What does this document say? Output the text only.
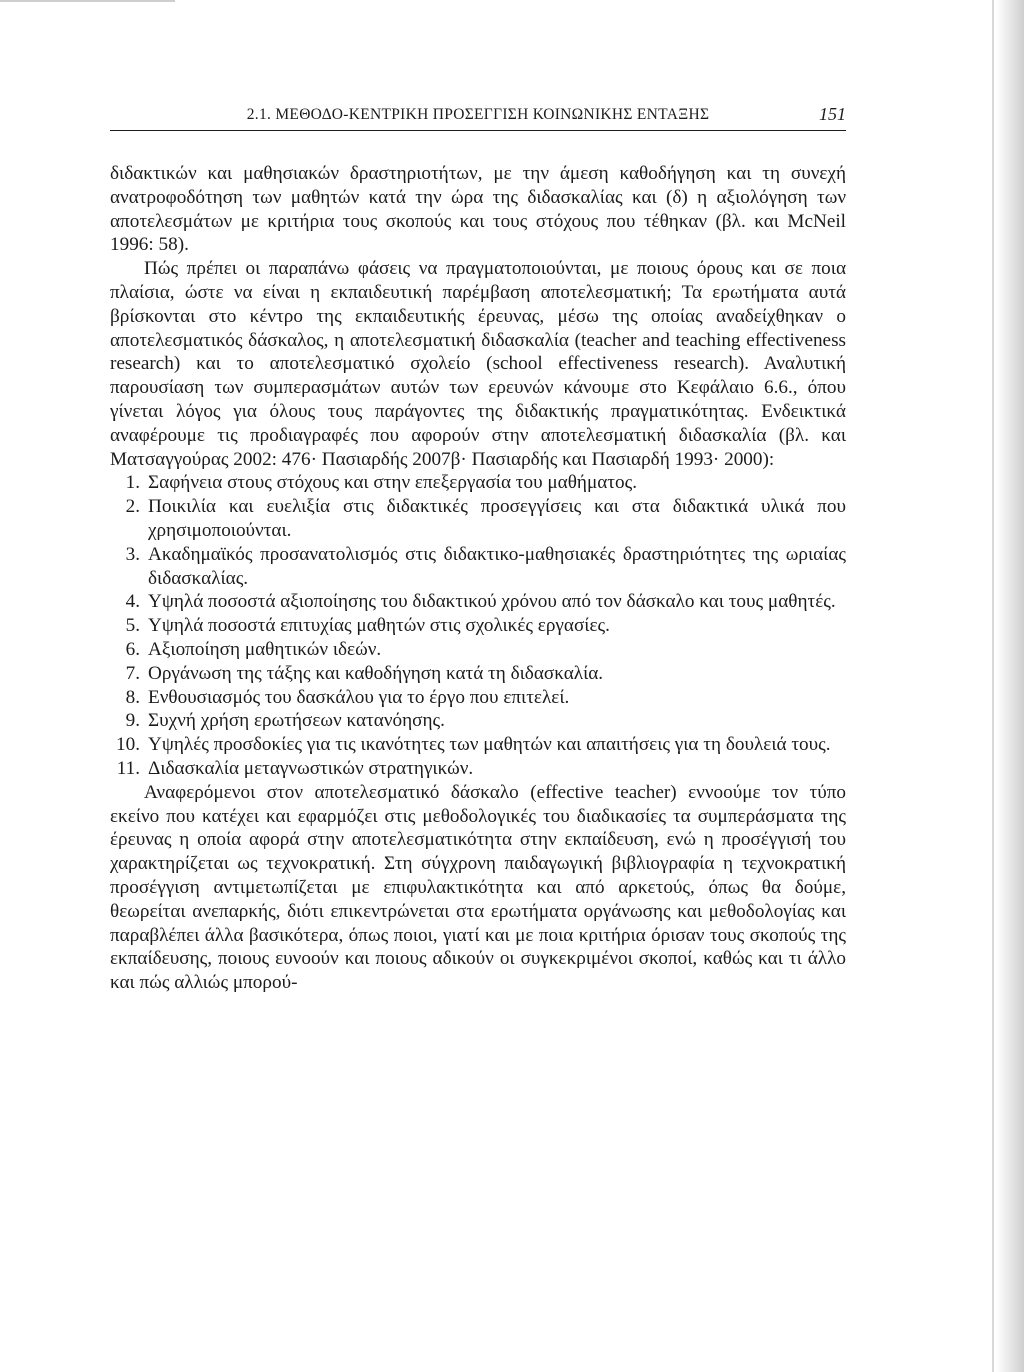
2.1. ΜΕΘΟΔΟ-ΚΕΝΤΡΙΚΗ ΠΡΟΣΕΓΓΙΣΗ ΚΟΙΝΩΝΙΚΗΣ ΕΝΤΑΞΗΣ	151

διδακτικών και μαθησιακών δραστηριοτήτων, με την άμεση καθοδήγηση και τη συνεχή ανατροφοδότηση των μαθητών κατά την ώρα της διδασκαλίας και (δ) η αξιολόγηση των αποτελεσμάτων με κριτήρια τους σκοπούς και τους στόχους που τέθηκαν (βλ. και McNeil 1996: 58).

Πώς πρέπει οι παραπάνω φάσεις να πραγματοποιούνται, με ποιους όρους και σε ποια πλαίσια, ώστε να είναι η εκπαιδευτική παρέμβαση αποτελεσματική; Τα ερωτήματα αυτά βρίσκονται στο κέντρο της εκπαιδευτικής έρευνας, μέσω της οποίας αναδείχθηκαν ο αποτελεσματικός δάσκαλος, η αποτελεσματική διδασκαλία (teacher and teaching effectiveness research) και το αποτελεσματικό σχολείο (school effectiveness research). Αναλυτική παρουσίαση των συμπερασμάτων αυτών των ερευνών κάνουμε στο Κεφάλαιο 6.6., όπου γίνεται λόγος για όλους τους παράγοντες της διδακτικής πραγματικότητας. Ενδεικτικά αναφέρουμε τις προδιαγραφές που αφορούν στην αποτελεσματική διδασκαλία (βλ. και Ματσαγγούρας 2002: 476· Πασιαρδής 2007β· Πασιαρδής και Πασιαρδή 1993· 2000):

1. Σαφήνεια στους στόχους και στην επεξεργασία του μαθήματος.
2. Ποικιλία και ευελιξία στις διδακτικές προσεγγίσεις και στα διδακτικά υλικά που χρησιμοποιούνται.
3. Ακαδημαϊκός προσανατολισμός στις διδακτικο-μαθησιακές δραστηριότητες της ωριαίας διδασκαλίας.
4. Υψηλά ποσοστά αξιοποίησης του διδακτικού χρόνου από τον δάσκαλο και τους μαθητές.
5. Υψηλά ποσοστά επιτυχίας μαθητών στις σχολικές εργασίες.
6. Αξιοποίηση μαθητικών ιδεών.
7. Οργάνωση της τάξης και καθοδήγηση κατά τη διδασκαλία.
8. Ενθουσιασμός του δασκάλου για το έργο που επιτελεί.
9. Συχνή χρήση ερωτήσεων κατανόησης.
10. Υψηλές προσδοκίες για τις ικανότητες των μαθητών και απαιτήσεις για τη δουλειά τους.
11. Διδασκαλία μεταγνωστικών στρατηγικών.

Αναφερόμενοι στον αποτελεσματικό δάσκαλο (effective teacher) εννοούμε τον τύπο εκείνο που κατέχει και εφαρμόζει στις μεθοδολογικές του διαδικασίες τα συμπεράσματα της έρευνας η οποία αφορά στην αποτελεσματικότητα στην εκπαίδευση, ενώ η προσέγγισή του χαρακτηρίζεται ως τεχνοκρατική. Στη σύγχρονη παιδαγωγική βιβλιογραφία η τεχνοκρατική προσέγγιση αντιμετωπίζεται με επιφυλακτικότητα και από αρκετούς, όπως θα δούμε, θεωρείται ανεπαρκής, διότι επικεντρώνεται στα ερωτήματα οργάνωσης και μεθοδολογίας και παραβλέπει άλλα βασικότερα, όπως ποιοι, γιατί και με ποια κριτήρια όρισαν τους σκοπούς της εκπαίδευσης, ποιους ευνοούν και ποιους αδικούν οι συγκεκριμένοι σκοποί, καθώς και τι άλλο και πώς αλλιώς μπορού-
